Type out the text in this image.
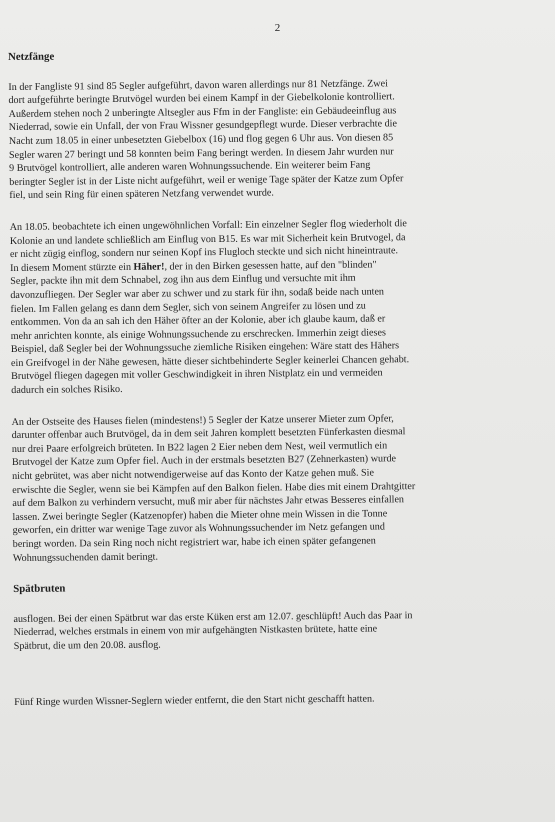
2
Netzfänge
In der Fangliste 91 sind 85 Segler aufgeführt, davon waren allerdings nur 81 Netzfänge. Zwei
dort aufgeführte beringte Brutvögel wurden bei einem Kampf in der Giebelkolonie kontrolliert.
Außerdem stehen noch 2 unberingte Altsegler aus Ffm in der Fangliste: ein Gebäudeeinflug aus
Niederrad, sowie ein Unfall, der von Frau Wissner gesundgepflegt wurde. Dieser verbrachte die
Nacht zum 18.05 in einer unbesetzten Giebelbox (16) und flog gegen 6 Uhr aus. Von diesen 85
Segler waren 27 beringt und 58 konnten beim Fang beringt werden. In diesem Jahr wurden nur
9 Brutvögel kontrolliert, alle anderen waren Wohnungssuchende. Ein weiterer beim Fang
beringter Segler ist in der Liste nicht aufgeführt, weil er wenige Tage später der Katze zum Opfer
fiel, und sein Ring für einen späteren Netzfang verwendet wurde.
An 18.05. beobachtete ich einen ungewöhnlichen Vorfall: Ein einzelner Segler flog wiederholt die
Kolonie an und landete schließlich am Einflug von B15. Es war mit Sicherheit kein Brutvogel, da
er nicht zügig einflog, sondern nur seinen Kopf ins Flugloch steckte und sich nicht hineintraute.
In diesem Moment stürzte ein Häher!, der in den Birken gesessen hatte, auf den "blinden"
Segler, packte ihn mit dem Schnabel, zog ihn aus dem Einflug und versuchte mit ihm
davonzufliegen. Der Segler war aber zu schwer und zu stark für ihn, sodaß beide nach unten
fielen. Im Fallen gelang es dann dem Segler, sich von seinem Angreifer zu lösen und zu
entkommen. Von da an sah ich den Häher öfter an der Kolonie, aber ich glaube kaum, daß er
mehr anrichten konnte, als einige Wohnungssuchende zu erschrecken. Immerhin zeigt dieses
Beispiel, daß Segler bei der Wohnungssuche ziemliche Risiken eingehen: Wäre statt des Hähers
ein Greifvogel in der Nähe gewesen, hätte dieser sichtbehinderte Segler keinerlei Chancen gehabt.
Brutvögel fliegen dagegen mit voller Geschwindigkeit in ihren Nistplatz ein und vermeiden
dadurch ein solches Risiko.
An der Ostseite des Hauses fielen (mindestens!) 5 Segler der Katze unserer Mieter zum Opfer,
darunter offenbar auch Brutvögel, da in dem seit Jahren komplett besetzten Fünferkasten diesmal
nur drei Paare erfolgreich brüteten. In B22 lagen 2 Eier neben dem Nest, weil vermutlich ein
Brutvogel der Katze zum Opfer fiel. Auch in der erstmals besetzten B27 (Zehnerkasten) wurde
nicht gebrütet, was aber nicht notwendigerweise auf das Konto der Katze gehen muß. Sie
erwischte die Segler, wenn sie bei Kämpfen auf den Balkon fielen. Habe dies mit einem Drahtgitter
auf dem Balkon zu verhindern versucht, muß mir aber für nächstes Jahr etwas Besseres einfallen
lassen. Zwei beringte Segler (Katzenopfer) haben die Mieter ohne mein Wissen in die Tonne
geworfen, ein dritter war wenige Tage zuvor als Wohnungssuchender im Netz gefangen und
beringt worden. Da sein Ring noch nicht registriert war, habe ich einen später gefangenen
Wohnungssuchenden damit beringt.
Spätbruten
ausflogen. Bei der einen Spätbrut war das erste Küken erst am 12.07. geschlüpft! Auch das Paar in
Niederrad, welches erstmals in einem von mir aufgehängten Nistkasten brütete, hatte eine
Spätbrut, die um den 20.08. ausflog.
Fünf Ringe wurden Wissner-Seglern wieder entfernt, die den Start nicht geschafft hatten.
